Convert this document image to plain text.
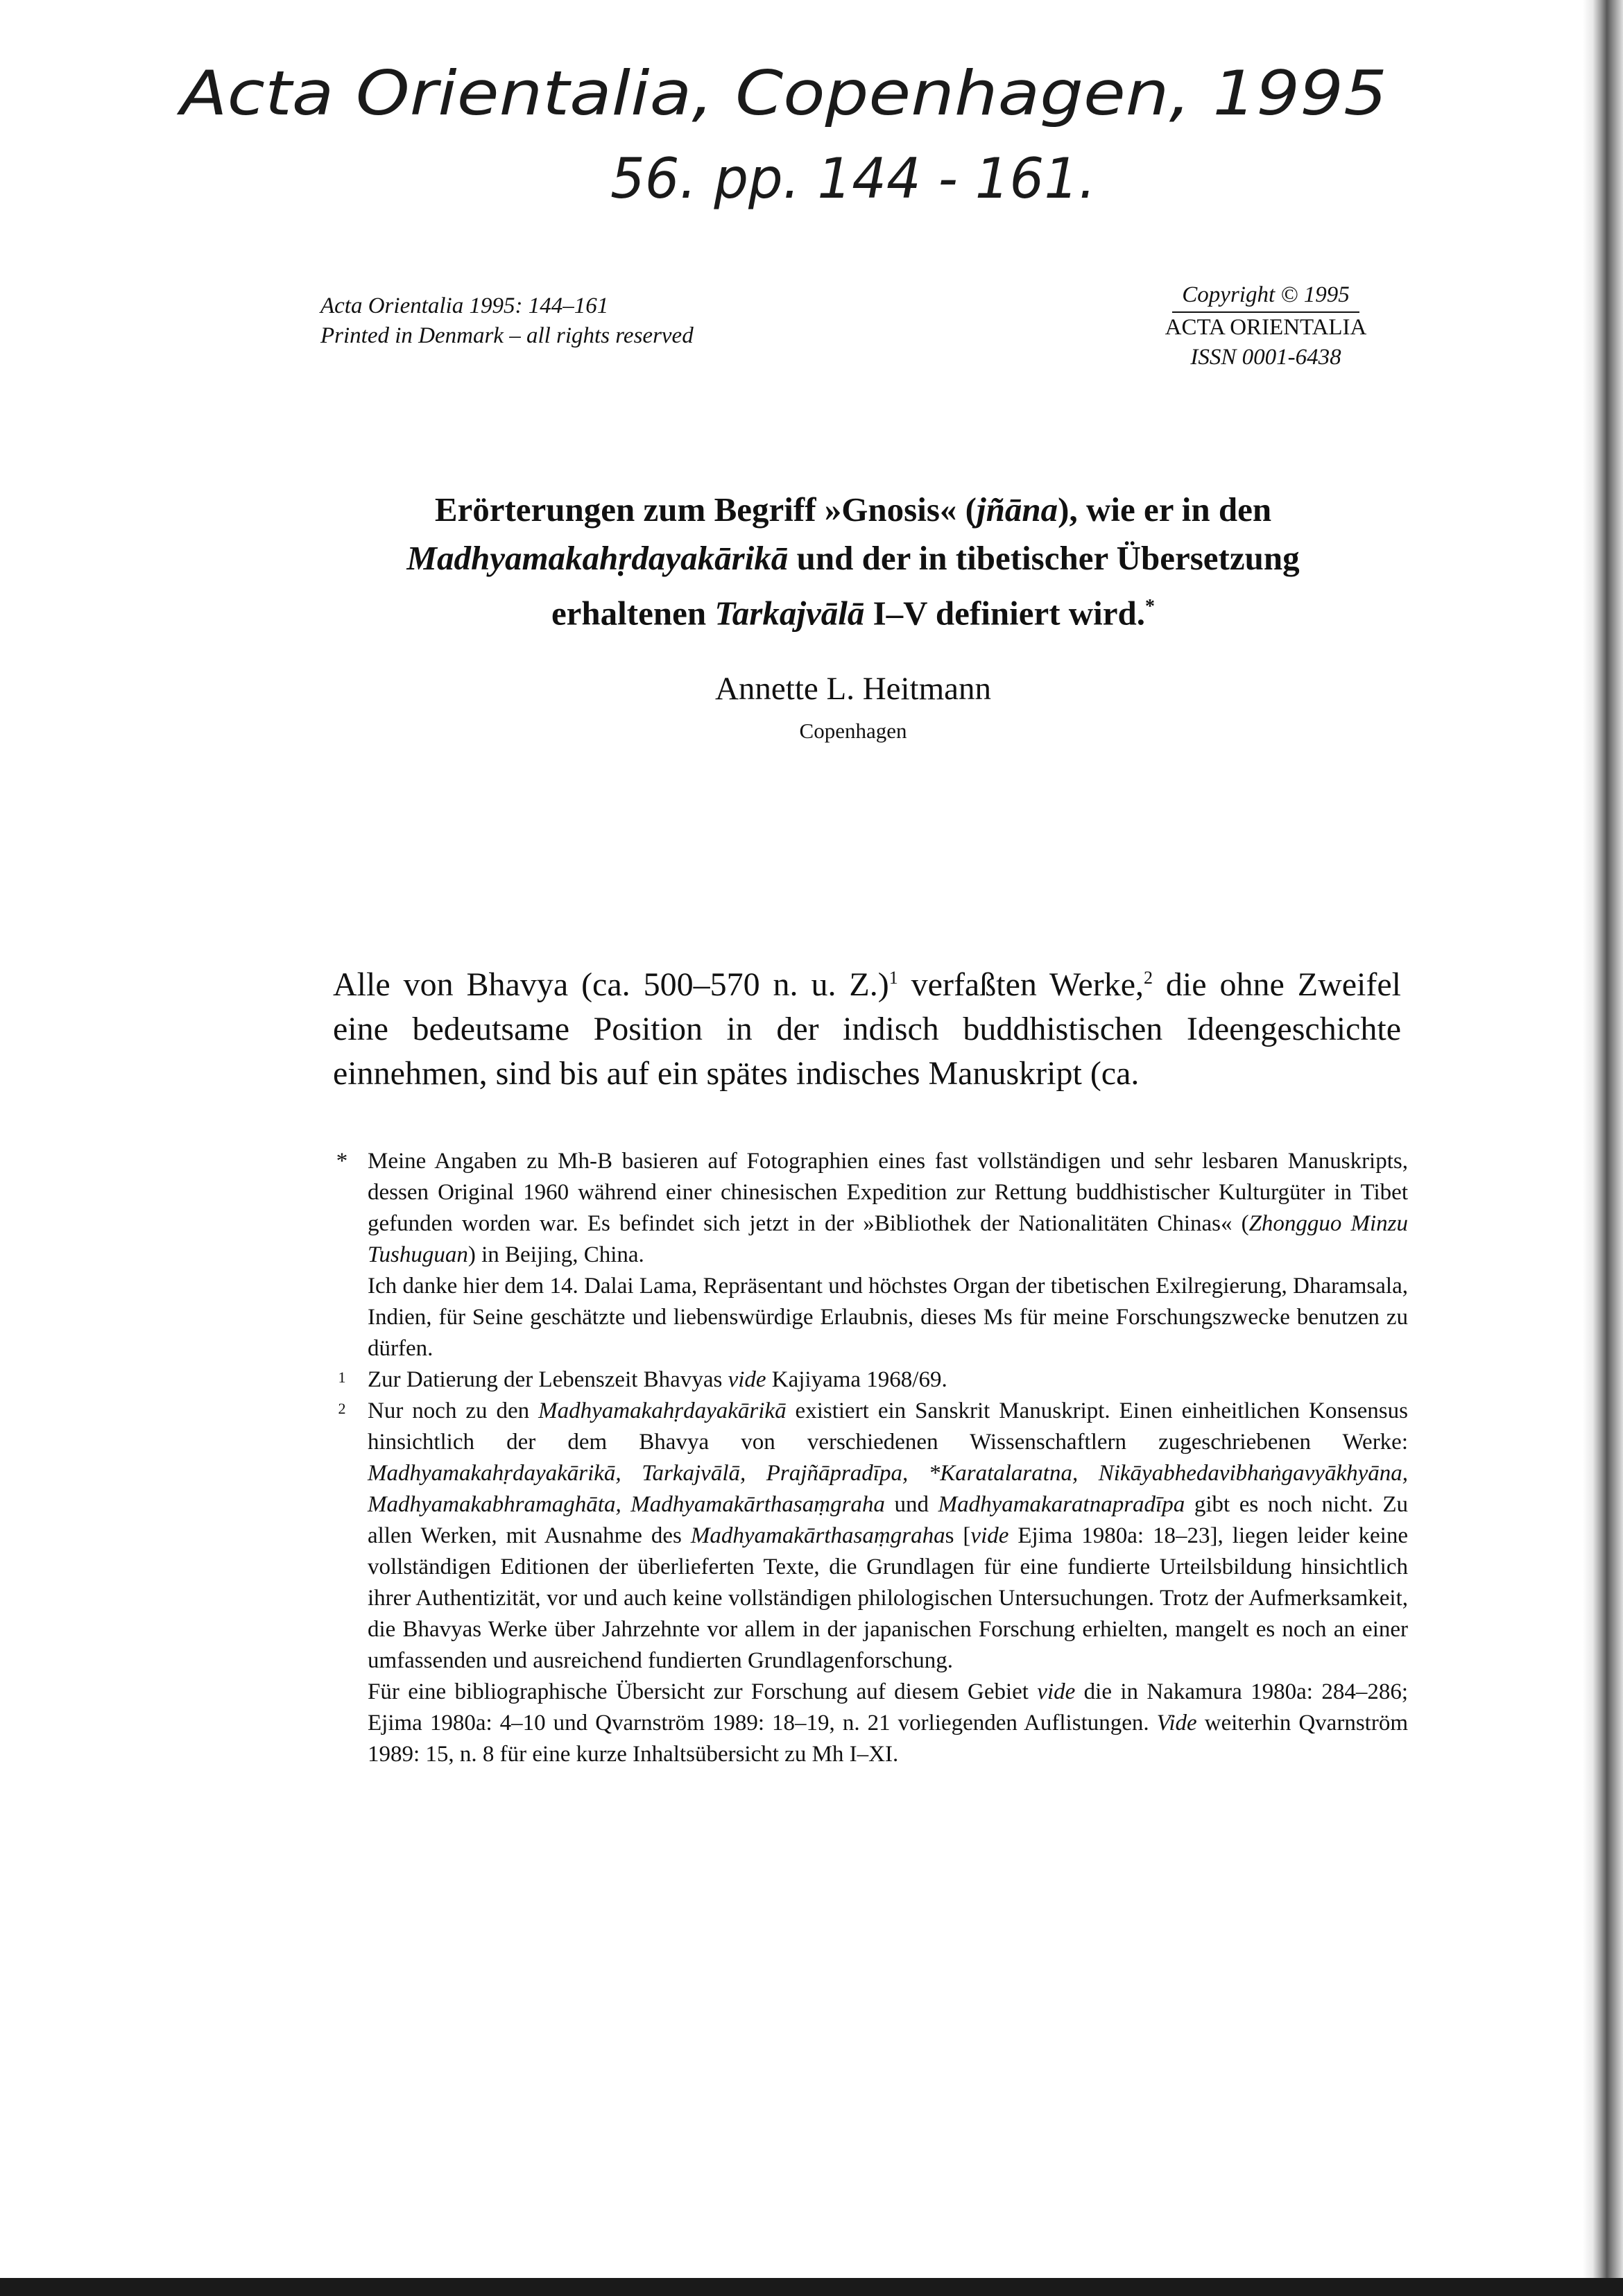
Acta Orientalia, Copenhagen, 1995
56. pp. 144 - 161.
Acta Orientalia 1995: 144–161
Printed in Denmark – all rights reserved
Copyright © 1995
ACTA ORIENTALIA
ISSN 0001-6438
Erörterungen zum Begriff »Gnosis« (jñāna), wie er in den
Madhyamakahṛdayakārikā und der in tibetischer Übersetzung
erhaltenen Tarkajvālā I–V definiert wird.*
Annette L. Heitmann
Copenhagen
Alle von Bhavya (ca. 500–570 n. u. Z.)$^1$ verfaßten Werke,$^2$ die ohne Zweifel eine bedeutsame Position in der indisch buddhistischen Ideengeschichte einnehmen, sind bis auf ein spätes indisches Manuskript (ca.
* Meine Angaben zu Mh-B basieren auf Fotographien eines fast vollständigen und sehr lesbaren Manuskripts, dessen Original 1960 während einer chinesischen Expedition zur Rettung buddhistischer Kulturgüter in Tibet gefunden worden war. Es befindet sich jetzt in der »Bibliothek der Nationalitäten Chinas« (Zhongguo Minzu Tushuguan) in Beijing, China.

Ich danke hier dem 14. Dalai Lama, Repräsentant und höchstes Organ der tibetischen Exilregierung, Dharamsala, Indien, für Seine geschätzte und liebenswürdige Erlaubnis, dieses Ms für meine Forschungszwecke benutzen zu dürfen.

1 Zur Datierung der Lebenszeit Bhavyas vide Kajiyama 1968/69.

2 Nur noch zu den Madhyamakahṛdayakārikā existiert ein Sanskrit Manuskript. Einen einheitlichen Konsensus hinsichtlich der dem Bhavya von verschiedenen Wissenschaftlern zugeschriebenen Werke: Madhyamakahṛdayakārikā, Tarkajvālā, Prajñāpradīpa, *Karatalaratna, Nikāyabhedavibhaṅgavyākhyāna, Madhyamakabhramaghāta, Madhyamakārthasaṃgraha und Madhyamakaratnapradīpa gibt es noch nicht. Zu allen Werken, mit Ausnahme des Madhyamakārthasaṃgrahas [vide Ejima 1980a: 18–23], liegen leider keine vollständigen Editionen der überlieferten Texte, die Grundlagen für eine fundierte Urteilsbildung hinsichtlich ihrer Authentizität, vor und auch keine vollständigen philologischen Untersuchungen. Trotz der Aufmerksamkeit, die Bhavyas Werke über Jahrzehnte vor allem in der japanischen Forschung erhielten, mangelt es noch an einer umfassenden und ausreichend fundierten Grundlagenforschung.

Für eine bibliographische Übersicht zur Forschung auf diesem Gebiet vide die in Nakamura 1980a: 284–286; Ejima 1980a: 4–10 und Qvarnström 1989: 18–19, n. 21 vorliegenden Auflistungen. Vide weiterhin Qvarnström 1989: 15, n. 8 für eine kurze Inhaltsübersicht zu Mh I–XI.
